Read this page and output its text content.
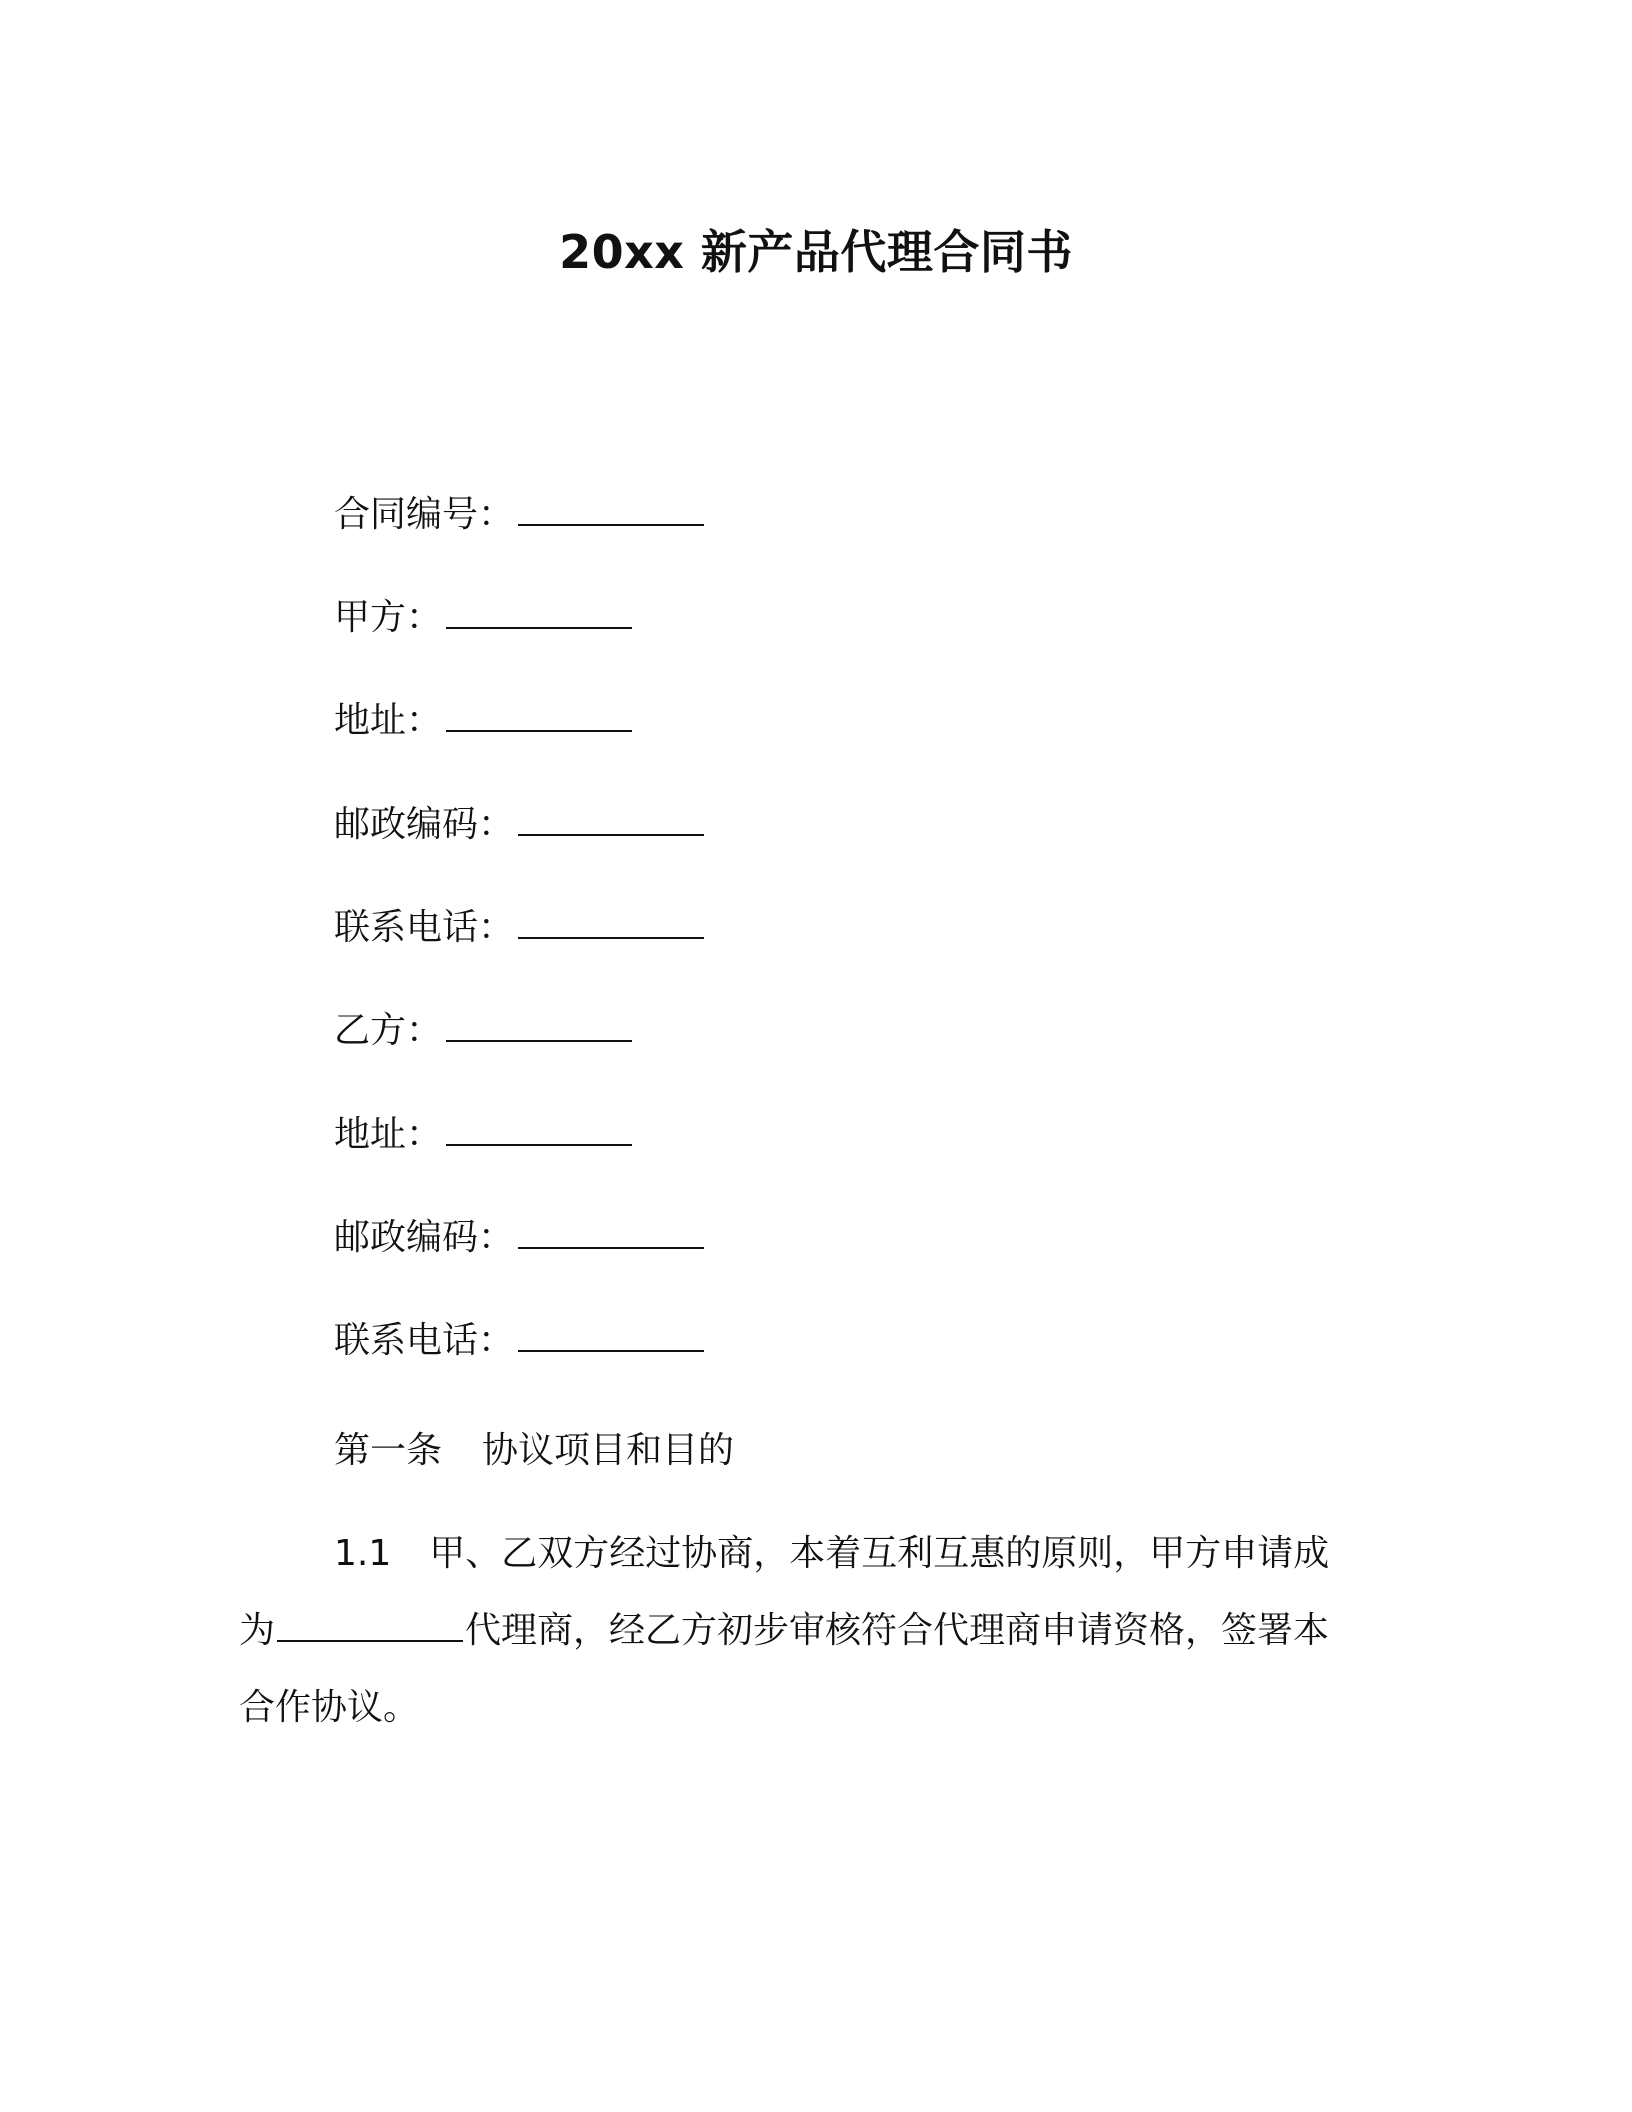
20xx 新产品代理合同书
合同编号：
甲方：
地址：
邮政编码：
联系电话：
乙方：
地址：
邮政编码：
联系电话：
第一条 协议项目和目的
1.1 甲、乙双方经过协商，本着互利互惠的原则，甲方申请成
为	代理商，经乙方初步审核符合代理商申请资格，签署本
合作协议。
